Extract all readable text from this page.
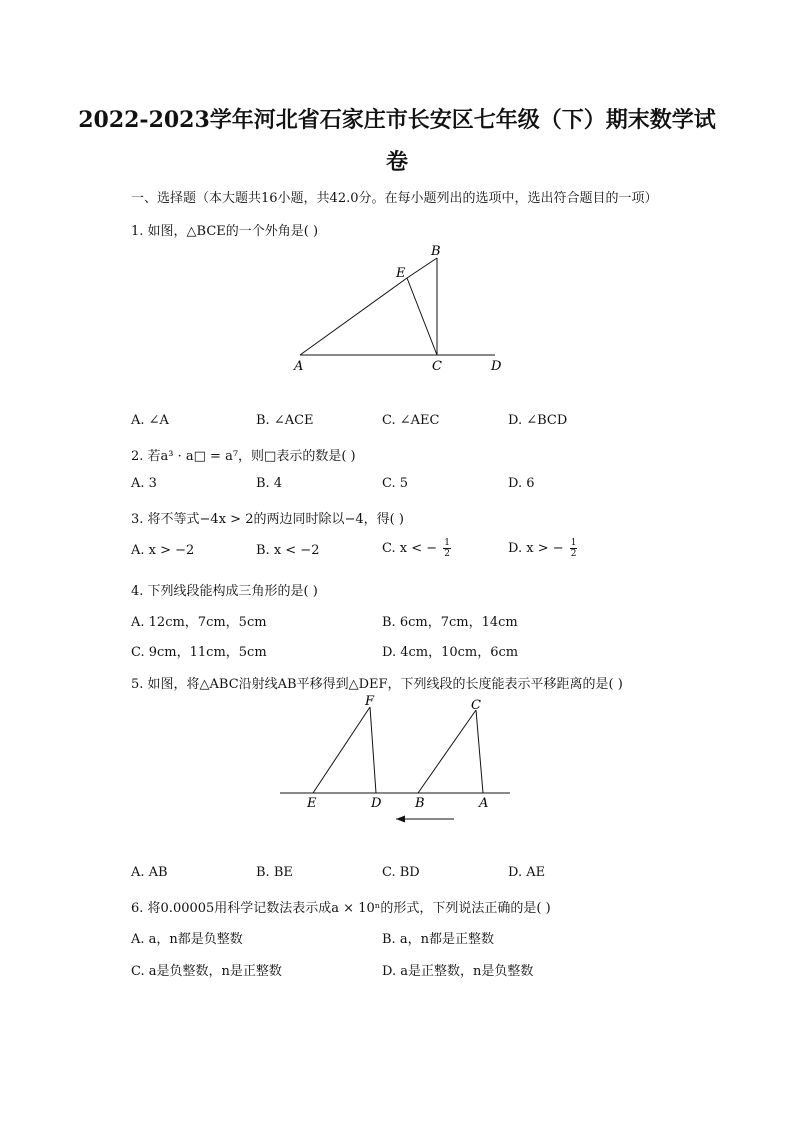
2022-2023学年河北省石家庄市长安区七年级（下）期末数学试
卷
一、选择题（本大题共16小题，共42.0分。在每小题列出的选项中，选出符合题目的一项）
1. 如图，△BCE的一个外角是( )
A
B
C	D
E
A. ∠A	B. ∠ACE	C. ∠AEC	D. ∠BCD
2. 若a³ · a□ = a⁷，则□表示的数是( )
A. 3	B. 4	C. 5	D. 6
3. 将不等式−4x > 2的两边同时除以−4，得( )
A. x > −2	B. x < −2	C. x < − $\frac{1}{2}$	D. x > − $\frac{1}{2}$
4. 下列线段能构成三角形的是( )
A. 12cm，7cm，5cm	B. 6cm，7cm，14cm
C. 9cm，11cm，5cm	D. 4cm，10cm，6cm
5. 如图，将△ABC沿射线AB平移得到△DEF，下列线段的长度能表示平移距离的是( )
F	C
E	D	B	A
A. AB	B. BE	C. BD	D. AE
6. 将0.00005用科学记数法表示成a × 10ⁿ的形式，下列说法正确的是( )
A. a，n都是负整数	B. a，n都是正整数
C. a是负整数，n是正整数	D. a是正整数，n是负整数
